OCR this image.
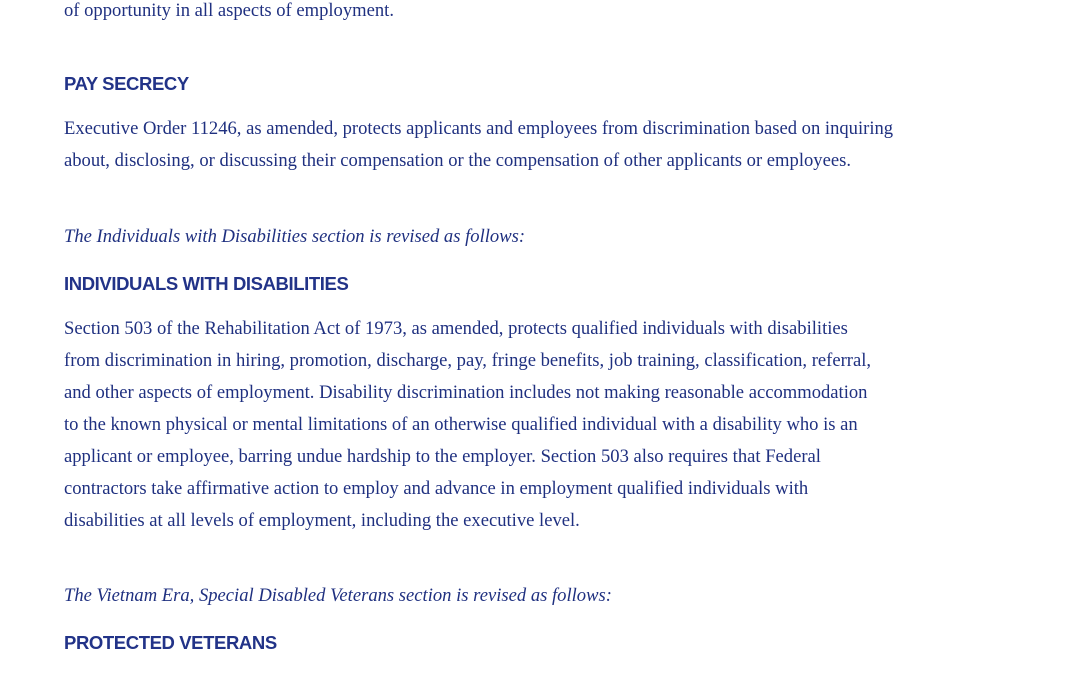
of opportunity in all aspects of employment.
PAY SECRECY
Executive Order 11246, as amended, protects applicants and employees from discrimination based on inquiring
about, disclosing, or discussing their compensation or the compensation of other applicants or employees.
The Individuals with Disabilities section is revised as follows:
INDIVIDUALS WITH DISABILITIES
Section 503 of the Rehabilitation Act of 1973, as amended, protects qualified individuals with disabilities
from discrimination in hiring, promotion, discharge, pay, fringe benefits, job training, classification, referral,
and other aspects of employment. Disability discrimination includes not making reasonable accommodation
to the known physical or mental limitations of an otherwise qualified individual with a disability who is an
applicant or employee, barring undue hardship to the employer. Section 503 also requires that Federal
contractors take affirmative action to employ and advance in employment qualified individuals with
disabilities at all levels of employment, including the executive level.
The Vietnam Era, Special Disabled Veterans section is revised as follows:
PROTECTED VETERANS
